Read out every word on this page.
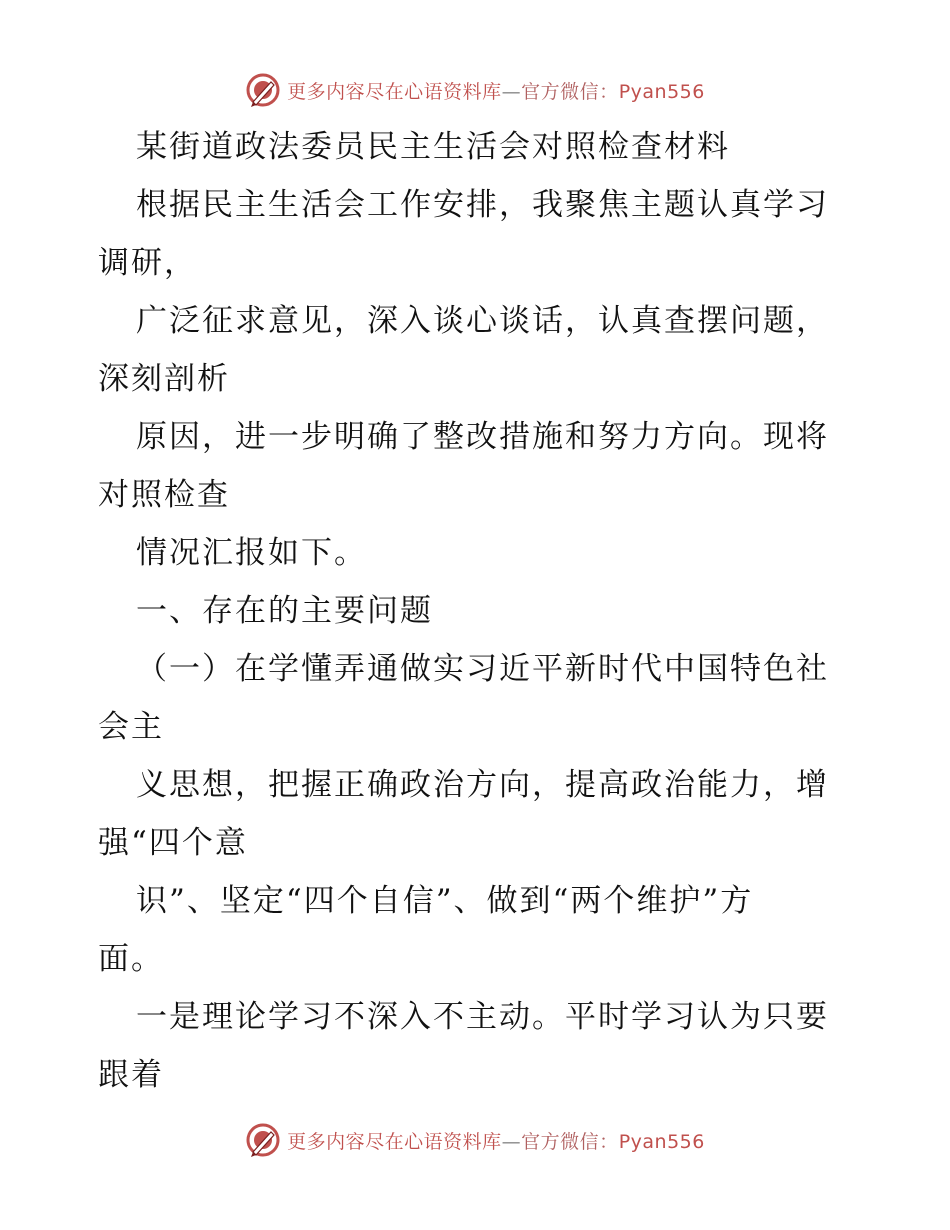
更多内容尽在心语资料库—官方微信：Pyan556
某街道政法委员民主生活会对照检查材料
根据民主生活会工作安排，我聚焦主题认真学习
调研，
广泛征求意见，深入谈心谈话，认真查摆问题，
深刻剖析
原因，进一步明确了整改措施和努力方向。现将
对照检查
情况汇报如下。
一、存在的主要问题
（一）在学懂弄通做实习近平新时代中国特色社
会主
义思想，把握正确政治方向，提高政治能力，增
强“四个意
识”、坚定“四个自信”、做到“两个维护”方
面。
一是理论学习不深入不主动。平时学习认为只要
跟着
更多内容尽在心语资料库—官方微信：Pyan556
